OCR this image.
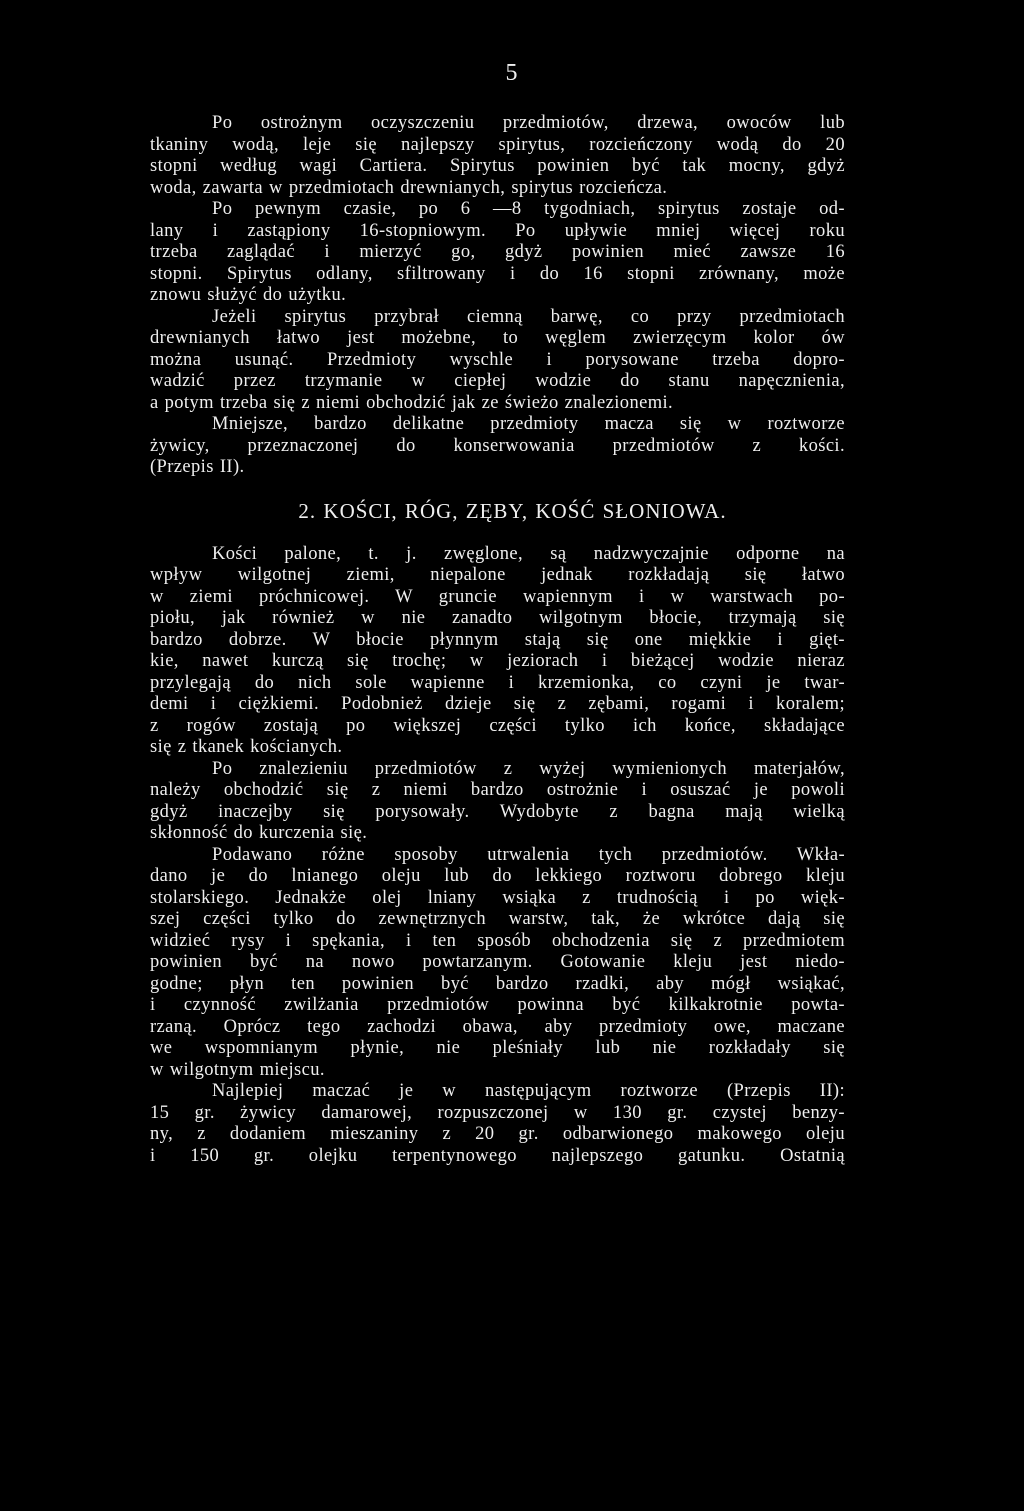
5
Po ostrożnym oczyszczeniu przedmiotów, drzewa, owoców lub
tkaniny wodą, leje się najlepszy spirytus, rozcieńczony wodą do 20
stopni według wagi Cartiera. Spirytus powinien być tak mocny, gdyż
woda, zawarta w przedmiotach drewnianych, spirytus rozcieńcza.
Po pewnym czasie, po 6 —8 tygodniach, spirytus zostaje od-
lany i zastąpiony 16-stopniowym. Po upływie mniej więcej roku
trzeba zaglądać i mierzyć go, gdyż powinien mieć zawsze 16
stopni. Spirytus odlany, sfiltrowany i do 16 stopni zrównany, może
znowu służyć do użytku.
Jeżeli spirytus przybrał ciemną barwę, co przy przedmiotach
drewnianych łatwo jest możebne, to węglem zwierzęcym kolor ów
można usunąć. Przedmioty wyschle i porysowane trzeba dopro-
wadzić przez trzymanie w ciepłej wodzie do stanu napęcznienia,
a potym trzeba się z niemi obchodzić jak ze świeżo znalezionemi.
Mniejsze, bardzo delikatne przedmioty macza się w roztworze
żywicy, przeznaczonej do konserwowania przedmiotów z kości.
(Przepis II).
2. KOŚCI, RÓG, ZĘBY, KOŚĆ SŁONIOWA.
Kości palone, t. j. zwęglone, są nadzwyczajnie odporne na
wpływ wilgotnej ziemi, niepalone jednak rozkładają się łatwo
w ziemi próchnicowej. W gruncie wapiennym i w warstwach po-
piołu, jak również w nie zanadto wilgotnym błocie, trzymają się
bardzo dobrze. W błocie płynnym stają się one miękkie i gięt-
kie, nawet kurczą się trochę; w jeziorach i bieżącej wodzie nieraz
przylegają do nich sole wapienne i krzemionka, co czyni je twar-
demi i ciężkiemi. Podobnież dzieje się z zębami, rogami i koralem;
z rogów zostają po większej części tylko ich końce, składające
się z tkanek kościanych.
Po znalezieniu przedmiotów z wyżej wymienionych materjałów,
należy obchodzić się z niemi bardzo ostrożnie i osuszać je powoli
gdyż inaczejby się porysowały. Wydobyte z bagna mają wielką
skłonność do kurczenia się.
Podawano różne sposoby utrwalenia tych przedmiotów. Wkła-
dano je do lnianego oleju lub do lekkiego roztworu dobrego kleju
stolarskiego. Jednakże olej lniany wsiąka z trudnością i po więk-
szej części tylko do zewnętrznych warstw, tak, że wkrótce dają się
widzieć rysy i spękania, i ten sposób obchodzenia się z przedmiotem
powinien być na nowo powtarzanym. Gotowanie kleju jest niedo-
godne; płyn ten powinien być bardzo rzadki, aby mógł wsiąkać,
i czynność zwilżania przedmiotów powinna być kilkakrotnie powta-
rzaną. Oprócz tego zachodzi obawa, aby przedmioty owe, maczane
we wspomnianym płynie, nie pleśniały lub nie rozkładały się
w wilgotnym miejscu.
Najlepiej maczać je w następującym roztworze (Przepis II):
15 gr. żywicy damarowej, rozpuszczonej w 130 gr. czystej benzy-
ny, z dodaniem mieszaniny z 20 gr. odbarwionego makowego oleju
i 150 gr. olejku terpentynowego najlepszego gatunku. Ostatnią
